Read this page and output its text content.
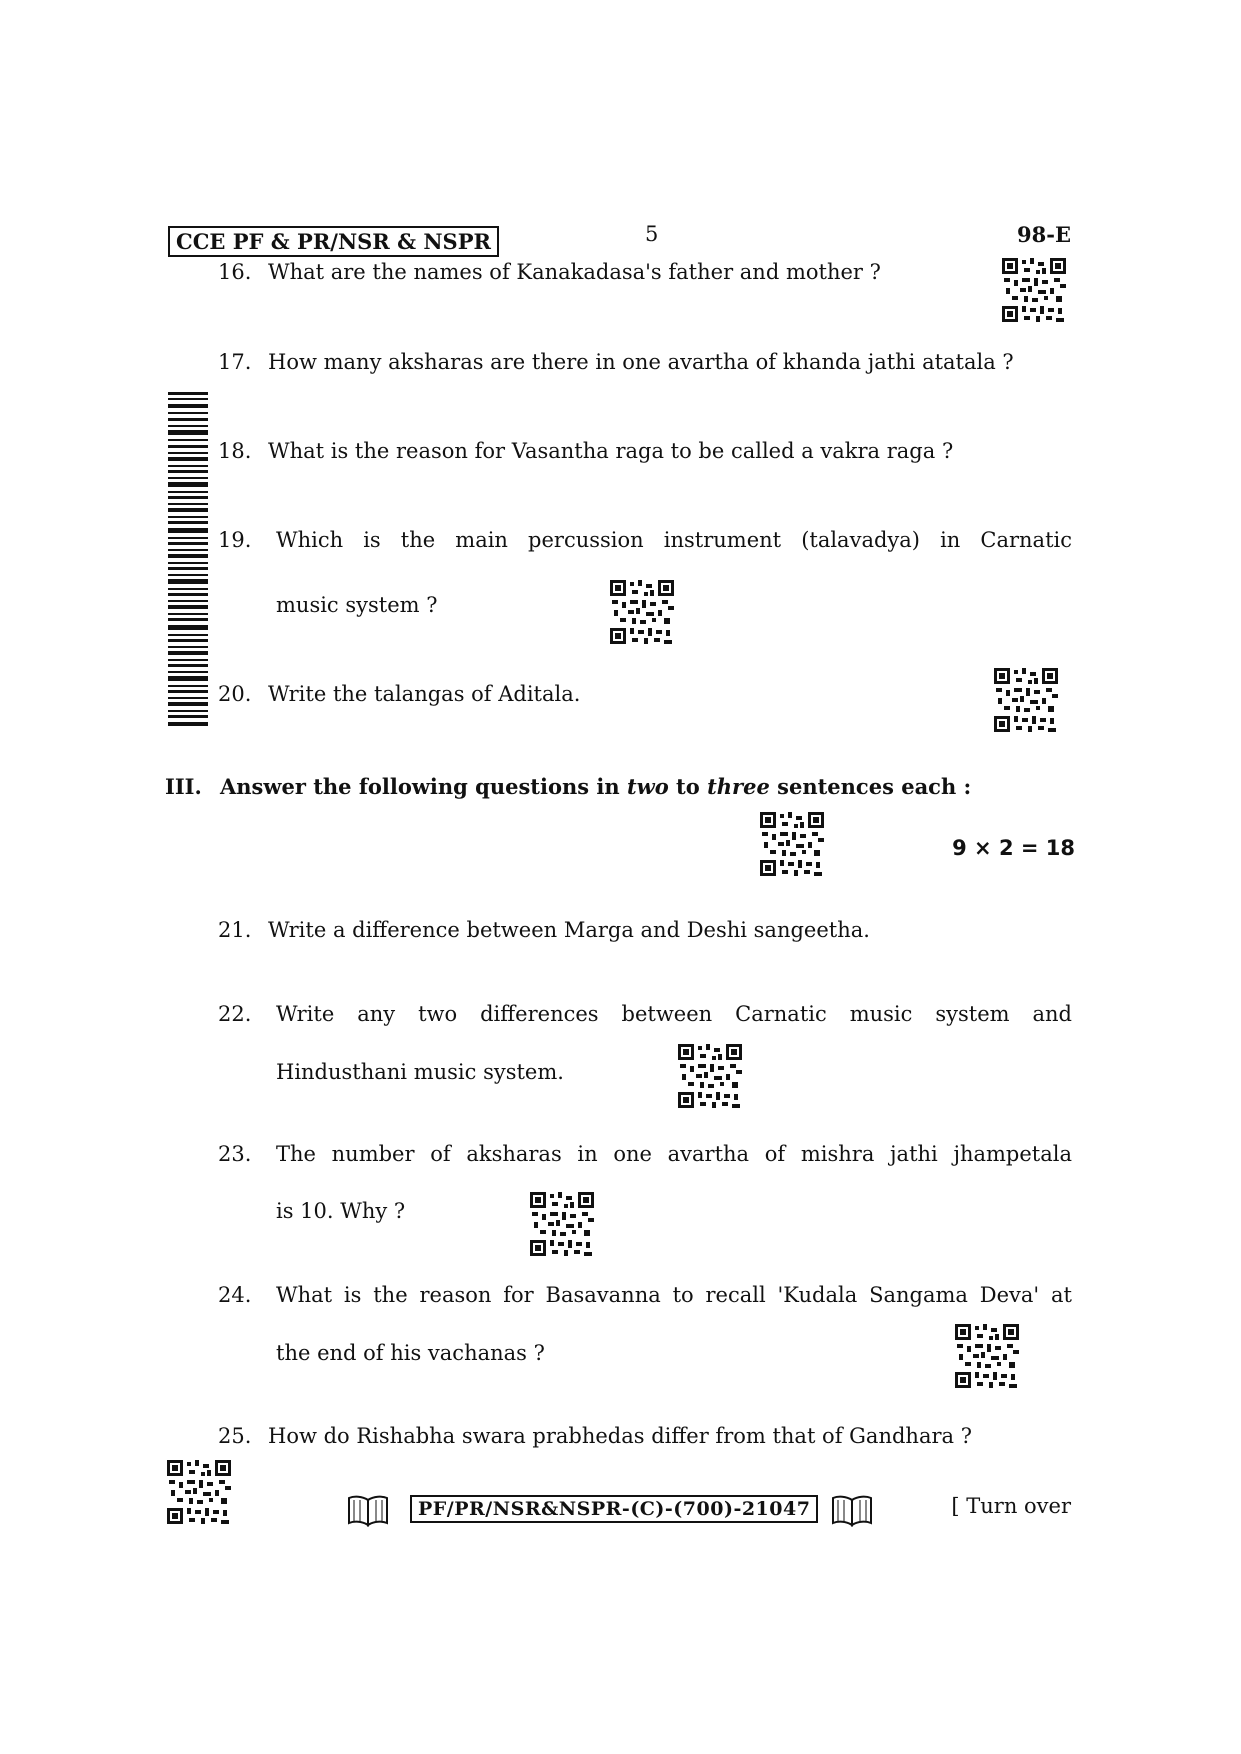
CCE PF & PR/NSR & NSPR	5	98-E
16. What are the names of Kanakadasa's father and mother ?
17. How many aksharas are there in one avartha of khanda jathi atatala ?
18. What is the reason for Vasantha raga to be called a vakra raga ?
19.	Which is the main percussion instrument (talavadya) in Carnatic
music system ?
20. Write the talangas of Aditala.
III. Answer the following questions in two to three sentences each :
9 × 2 = 18
21. Write a difference between Marga and Deshi sangeetha.
22.	Write any two differences between Carnatic music system and
Hindusthani music system.
23.	The number of aksharas in one avartha of mishra jathi jhampetala
is 10. Why ?
24.	What is the reason for Basavanna to recall 'Kudala Sangama Deva' at
the end of his vachanas ?
25. How do Rishabha swara prabhedas differ from that of Gandhara ?
PF/PR/NSR&NSPR-(C)-(700)-21047	[ Turn over
